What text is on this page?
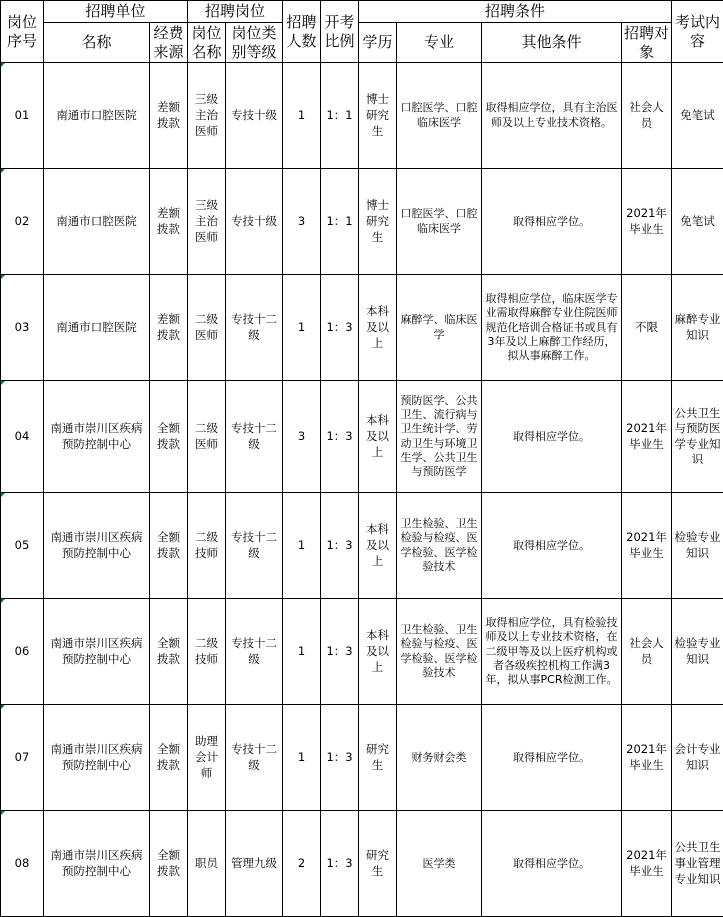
岗位序号	招聘单位		招聘岗位		招聘人数	开考比例	招聘条件				考试内容
	名称	经费来源	岗位名称	岗位类别等级			学历	专业	其他条件	招聘对象	
01	南通市口腔医院	差额拨款	三级主治医师	专技十级	1	1：1	博士研究生	口腔医学、口腔临床医学	取得相应学位，具有主治医师及以上专业技术资格。	社会人员	免笔试
02	南通市口腔医院	差额拨款	三级主治医师	专技十级	3	1：1	博士研究生	口腔医学、口腔临床医学	取得相应学位。	2021年毕业生	免笔试
03	南通市口腔医院	差额拨款	二级医师	专技十二级	1	1：3	本科及以上	麻醉学、临床医学	取得相应学位，临床医学专业需取得麻醉专业住院医师规范化培训合格证书或具有3年及以上麻醉工作经历，拟从事麻醉工作。	不限	麻醉专业知识
04	南通市崇川区疾病预防控制中心	全额拨款	二级医师	专技十二级	3	1：3	本科及以上	预防医学、公共卫生、流行病与卫生统计学、劳动卫生与环境卫生学、公共卫生与预防医学	取得相应学位。	2021年毕业生	公共卫生与预防医学专业知识
05	南通市崇川区疾病预防控制中心	全额拨款	二级技师	专技十二级	1	1：3	本科及以上	卫生检验、卫生检验与检疫、医学检验、医学检验技术	取得相应学位。	2021年毕业生	检验专业知识
06	南通市崇川区疾病预防控制中心	全额拨款	二级技师	专技十二级	1	1：3	本科及以上	卫生检验、卫生检验与检疫、医学检验、医学检验技术	取得相应学位，具有检验技师及以上专业技术资格，在二级甲等及以上医疗机构或者各级疾控机构工作满3年，拟从事PCR检测工作。	社会人员	检验专业知识
07	南通市崇川区疾病预防控制中心	全额拨款	助理会计师	专技十二级	1	1：3	研究生	财务财会类	取得相应学位。	2021年毕业生	会计专业知识
08	南通市崇川区疾病预防控制中心	全额拨款	职员	管理九级	2	1：3	研究生	医学类	取得相应学位。	2021年毕业生	公共卫生事业管理专业知识
